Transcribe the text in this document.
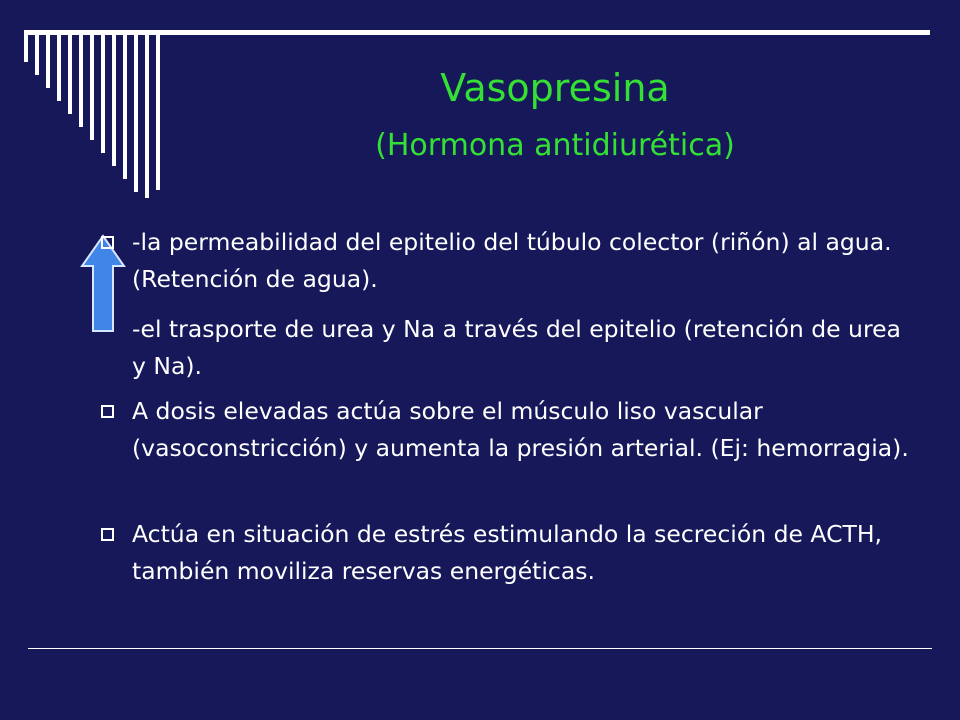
Vasopresina
(Hormona antidiurética)
-la permeabilidad del epitelio del túbulo colector (riñón) al agua. (Retención de agua).
-el trasporte de urea y Na a través del epitelio (retención de urea y Na).
A dosis elevadas actúa sobre el músculo liso vascular (vasoconstricción) y aumenta la presión arterial. (Ej: hemorragia).
Actúa en situación de estrés estimulando la secreción de ACTH, también moviliza reservas energéticas.
